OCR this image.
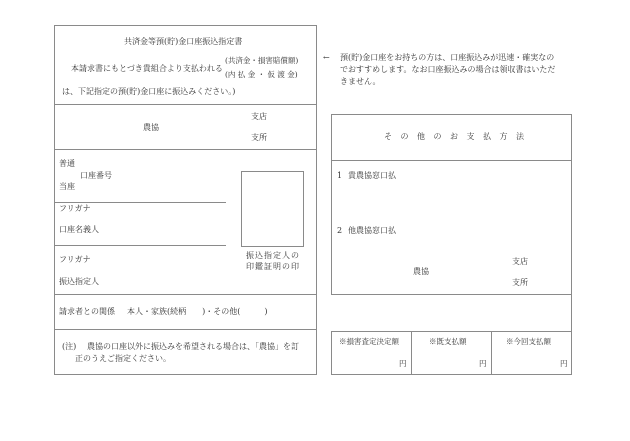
共済金等預(貯)金口座振込指定書
本請求書にもとづき貴組合より支払われる
(共済金・損害賠償額)
(内 払 金 ・ 仮 渡 金)
は、下記指定の預(貯)金口座に振込みください。)
農協
支店
支所
普通
口座番号
当座
フリガナ
口座名義人
フリガナ
振込指定人
振込指定人の
印鑑証明の印
請求者との関係 本人・家族(続柄　　)・その他(　　　)
(注) 農協の口座以外に振込みを希望される場合は、「農協」を訂
正のうえご指定ください。
← 預(貯)金口座をお持ちの方は、口座振込みが迅速・確実なの
でおすすめします。なお口座振込みの場合は領収書はいただ
きません。
その他のお支払方法
1 貴農協窓口払
2 他農協窓口払
農協
支店
支所
※損害査定決定額
円
※既支払額
円
※今回支払額
円
